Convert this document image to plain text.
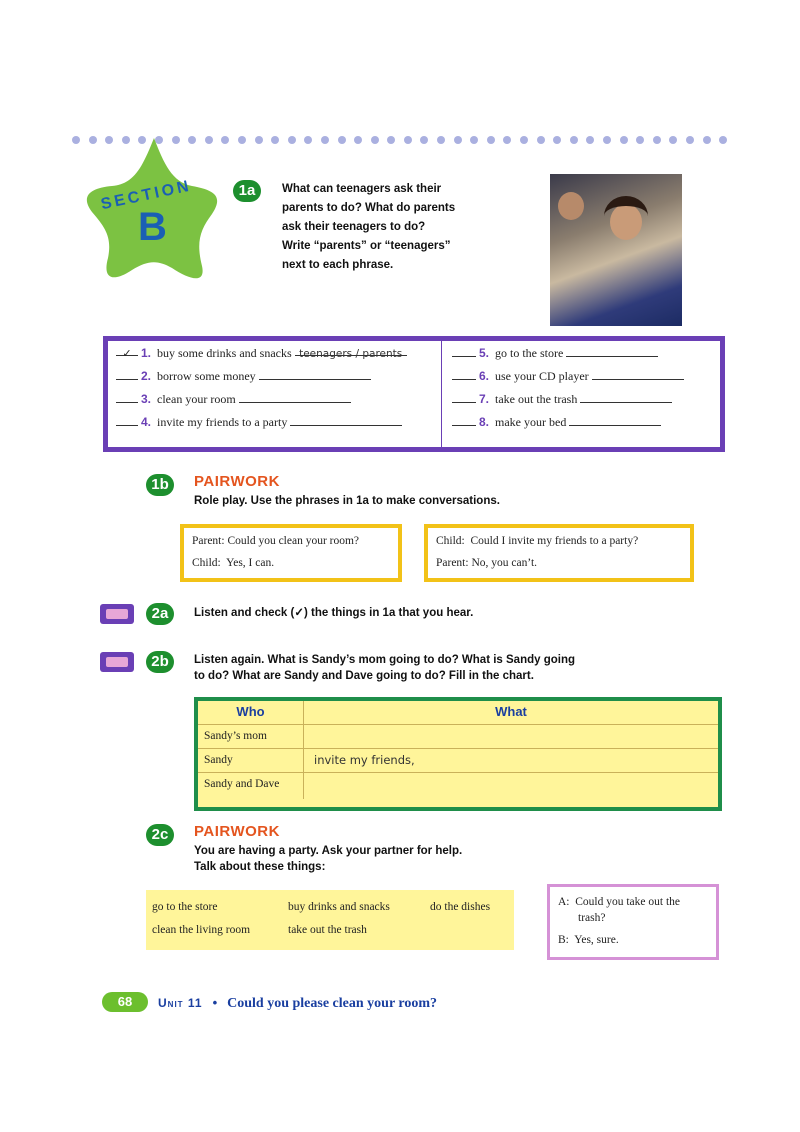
SECTION
B
1a	What can teenagers ask their
parents to do? What do parents
ask their teenagers to do?
Write “parents” or “teenagers”
next to each phrase.
✓ 1. buy some drinks and snacks teenagers / parents
2. borrow some money
3. clean your room
4. invite my friends to a party
5. go to the store
6. use your CD player
7. take out the trash
8. make your bed
1b	PAIRWORK
Role play. Use the phrases in 1a to make conversations.
Parent: Could you clean your room?
Child:  Yes, I can.
Child:  Could I invite my friends to a party?
Parent: No, you can’t.
2a	Listen and check (✓) the things in 1a that you hear.
2b	Listen again. What is Sandy’s mom going to do? What is Sandy going
to do? What are Sandy and Dave going to do? Fill in the chart.
Who	What
Sandy’s mom
Sandy	invite my friends,
Sandy and Dave
2c	PAIRWORK
You are having a party. Ask your partner for help.
Talk about these things:
go to the store	buy drinks and snacks	do the dishes
clean the living room	take out the trash
A:  Could you take out the
trash?
B:  Yes, sure.
68	Unit 11 • Could you please clean your room?
